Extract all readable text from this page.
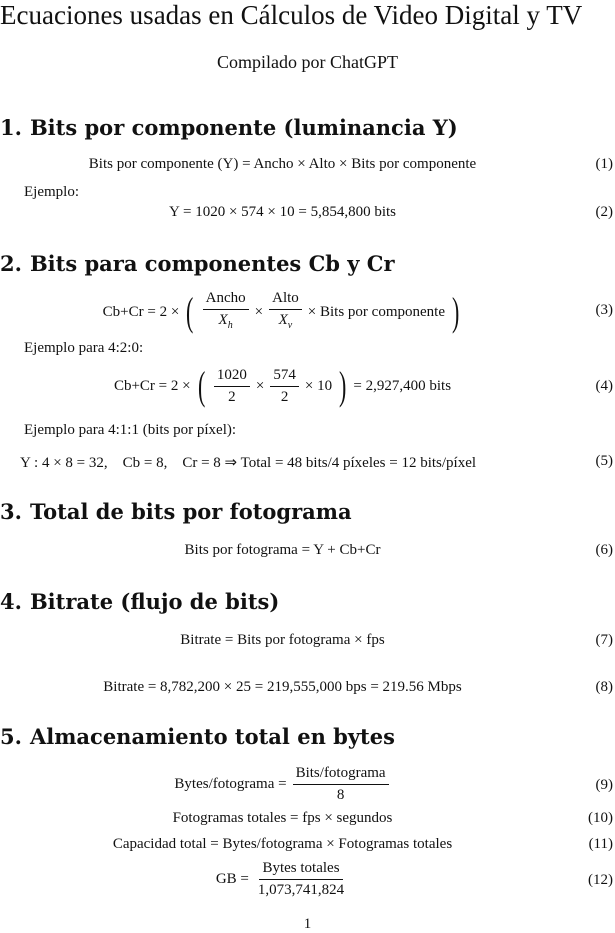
Ecuaciones usadas en Cálculos de Video Digital y TV
Compilado por ChatGPT
1. Bits por componente (luminancia Y)
Bits por componente (Y) = Ancho × Alto × Bits por componente	(1)
Ejemplo:
Y = 1020 × 574 × 10 = 5,854,800 bits	(2)
2. Bits para componentes Cb y Cr
Cb+Cr = 2 × ( $\frac{\text{Ancho}}{X_h} \times \frac{\text{Alto}}{X_v}$ × Bits por componente )	(3)
Ejemplo para 4:2:0:
Cb+Cr = 2 × ( $\frac{1020}{2} \times \frac{574}{2} \times 10$ ) = 2,927,400 bits	(4)
Ejemplo para 4:1:1 (bits por píxel):
Y : 4 × 8 = 32,    Cb = 8,    Cr = 8 ⇒ Total = 48 bits/4 píxeles = 12 bits/píxel	(5)
3. Total de bits por fotograma
Bits por fotograma = Y + Cb+Cr	(6)
4. Bitrate (flujo de bits)
Bitrate = Bits por fotograma × fps	(7)
Bitrate = 8,782,200 × 25 = 219,555,000 bps = 219.56 Mbps	(8)
5. Almacenamiento total en bytes
Bytes/fotograma = $\frac{\text{Bits/fotograma}}{8}$	(9)
Fotogramas totales = fps × segundos	(10)
Capacidad total = Bytes/fotograma × Fotogramas totales	(11)
GB = $\frac{\text{Bytes totales}}{1,073,741,824}$	(12)
1
